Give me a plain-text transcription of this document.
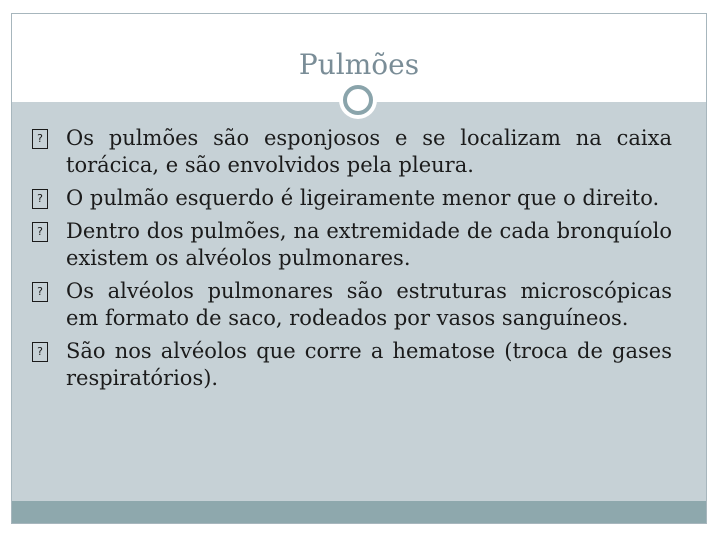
Pulmões
? Os pulmões são esponjosos e se localizam na caixa torácica, e são envolvidos pela pleura.
? O pulmão esquerdo é ligeiramente menor que o direito.
? Dentro dos pulmões, na extremidade de cada bronquíolo existem os alvéolos pulmonares.
? Os alvéolos pulmonares são estruturas microscópicas em formato de saco, rodeados por vasos sanguíneos.
? São nos alvéolos que corre a hematose (troca de gases respiratórios).
